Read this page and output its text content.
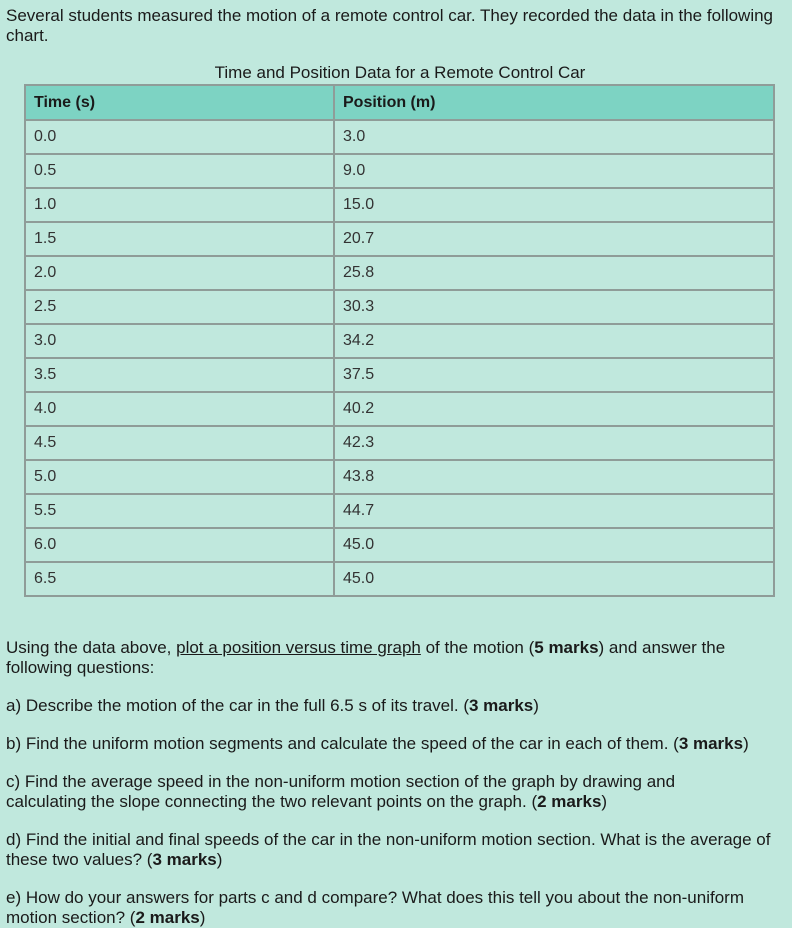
Several students measured the motion of a remote control car. They recorded the data in the following chart.

Time and Position Data for a Remote Control Car
Time (s)	Position (m)
0.0	3.0
0.5	9.0
1.0	15.0
1.5	20.7
2.0	25.8
2.5	30.3
3.0	34.2
3.5	37.5
4.0	40.2
4.5	42.3
5.0	43.8
5.5	44.7
6.0	45.0
6.5	45.0

Using the data above, plot a position versus time graph of the motion (5 marks) and answer the following questions:

a) Describe the motion of the car in the full 6.5 s of its travel. (3 marks)

b) Find the uniform motion segments and calculate the speed of the car in each of them. (3 marks)

c) Find the average speed in the non-uniform motion section of the graph by drawing and calculating the slope connecting the two relevant points on the graph. (2 marks)

d) Find the initial and final speeds of the car in the non-uniform motion section. What is the average of these two values? (3 marks)

e) How do your answers for parts c and d compare? What does this tell you about the non-uniform motion section? (2 marks)
